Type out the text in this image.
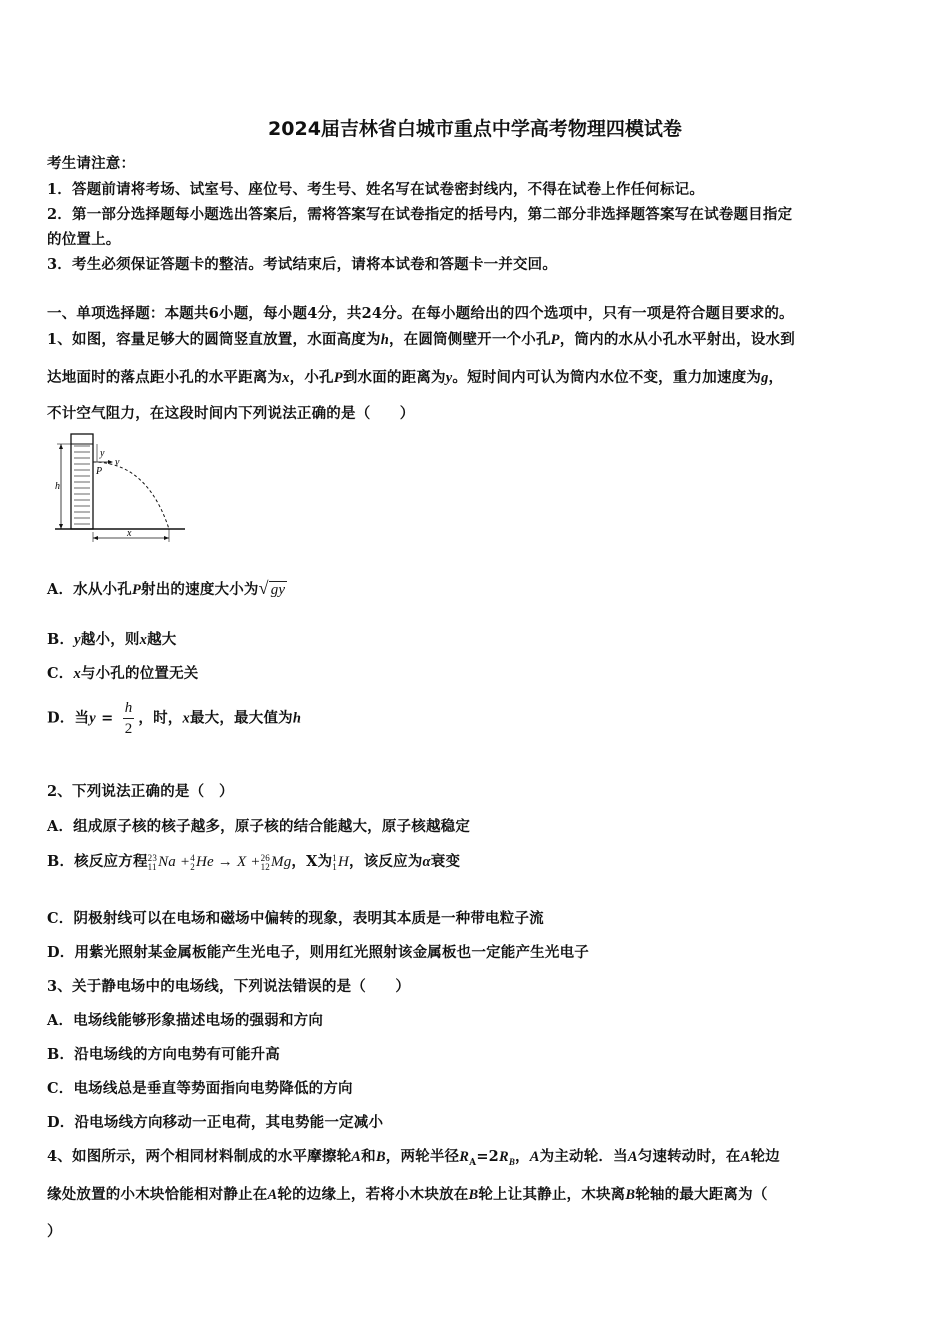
2024届吉林省白城市重点中学高考物理四模试卷
考生请注意：
1．答题前请将考场、试室号、座位号、考生号、姓名写在试卷密封线内，不得在试卷上作任何标记。
2．第一部分选择题每小题选出答案后，需将答案写在试卷指定的括号内，第二部分非选择题答案写在试卷题目指定
的位置上。
3．考生必须保证答题卡的整洁。考试结束后，请将本试卷和答题卡一并交回。
一、单项选择题：本题共6小题，每小题4分，共24分。在每小题给出的四个选项中，只有一项是符合题目要求的。
1、如图，容量足够大的圆筒竖直放置，水面高度为h，在圆筒侧壁开一个小孔P，筒内的水从小孔水平射出，设水到
达地面时的落点距小孔的水平距离为x，小孔P到水面的距离为y。短时间内可认为筒内水位不变，重力加速度为g，
不计空气阻力，在这段时间内下列说法正确的是（　　）
h
y
P
v
x
A．水从小孔P射出的速度大小为√ gy
B．y越小，则x越大
C．x与小孔的位置无关
D．当$y = \frac{h}{2}$ ，时，x最大，最大值为h
2、下列说法正确的是（　）
A．组成原子核的核子越多，原子核的结合能越大，原子核越稳定
B．核反应方程 23
11 Na + 4
2 He → X + 26
12 Mg，X为 1
1 H，该反应为α衰变
C．阴极射线可以在电场和磁场中偏转的现象，表明其本质是一种带电粒子流
D．用紫光照射某金属板能产生光电子，则用红光照射该金属板也一定能产生光电子
3、关于静电场中的电场线，下列说法错误的是（　　）
A．电场线能够形象描述电场的强弱和方向
B．沿电场线的方向电势有可能升高
C．电场线总是垂直等势面指向电势降低的方向
D．沿电场线方向移动一正电荷，其电势能一定减小
4、如图所示，两个相同材料制成的水平摩擦轮A和B，两轮半径$R_A=2R_B$，A为主动轮．当A匀速转动时，在A轮边
缘处放置的小木块恰能相对静止在A轮的边缘上，若将小木块放在B轮上让其静止，木块离B轮轴的最大距离为（
）
